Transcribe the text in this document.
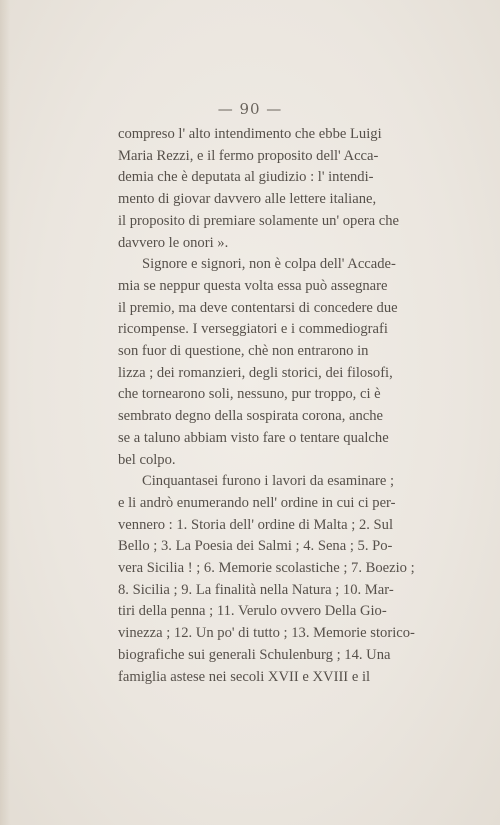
— 90 —

compreso l' alto intendimento che ebbe Luigi
Maria Rezzi, e il fermo proposito dell' Acca-
demia che è deputata al giudizio : l' intendi-
mento di giovar davvero alle lettere italiane,
il proposito di premiare solamente un' opera che
davvero le onori ».

Signore e signori, non è colpa dell' Accade-
mia se neppur questa volta essa può assegnare
il premio, ma deve contentarsi di concedere due
ricompense. I verseggiatori e i commediografi
son fuor di questione, chè non entrarono in
lizza ; dei romanzieri, degli storici, dei filosofi,
che tornearono soli, nessuno, pur troppo, ci è
sembrato degno della sospirata corona, anche
se a taluno abbiam visto fare o tentare qualche
bel colpo.

Cinquantasei furono i lavori da esaminare ;
e li andrò enumerando nell' ordine in cui ci per-
vennero : 1. Storia dell' ordine di Malta ; 2. Sul
Bello ; 3. La Poesia dei Salmi ; 4. Sena ; 5. Po-
vera Sicilia ! ; 6. Memorie scolastiche ; 7. Boezio ;
8. Sicilia ; 9. La finalità nella Natura ; 10. Mar-
tiri della penna ; 11. Verulo ovvero Della Gio-
vinezza ; 12. Un po' di tutto ; 13. Memorie storico-
biografiche sui generali Schulenburg ; 14. Una
famiglia astese nei secoli XVII e XVIII e il
